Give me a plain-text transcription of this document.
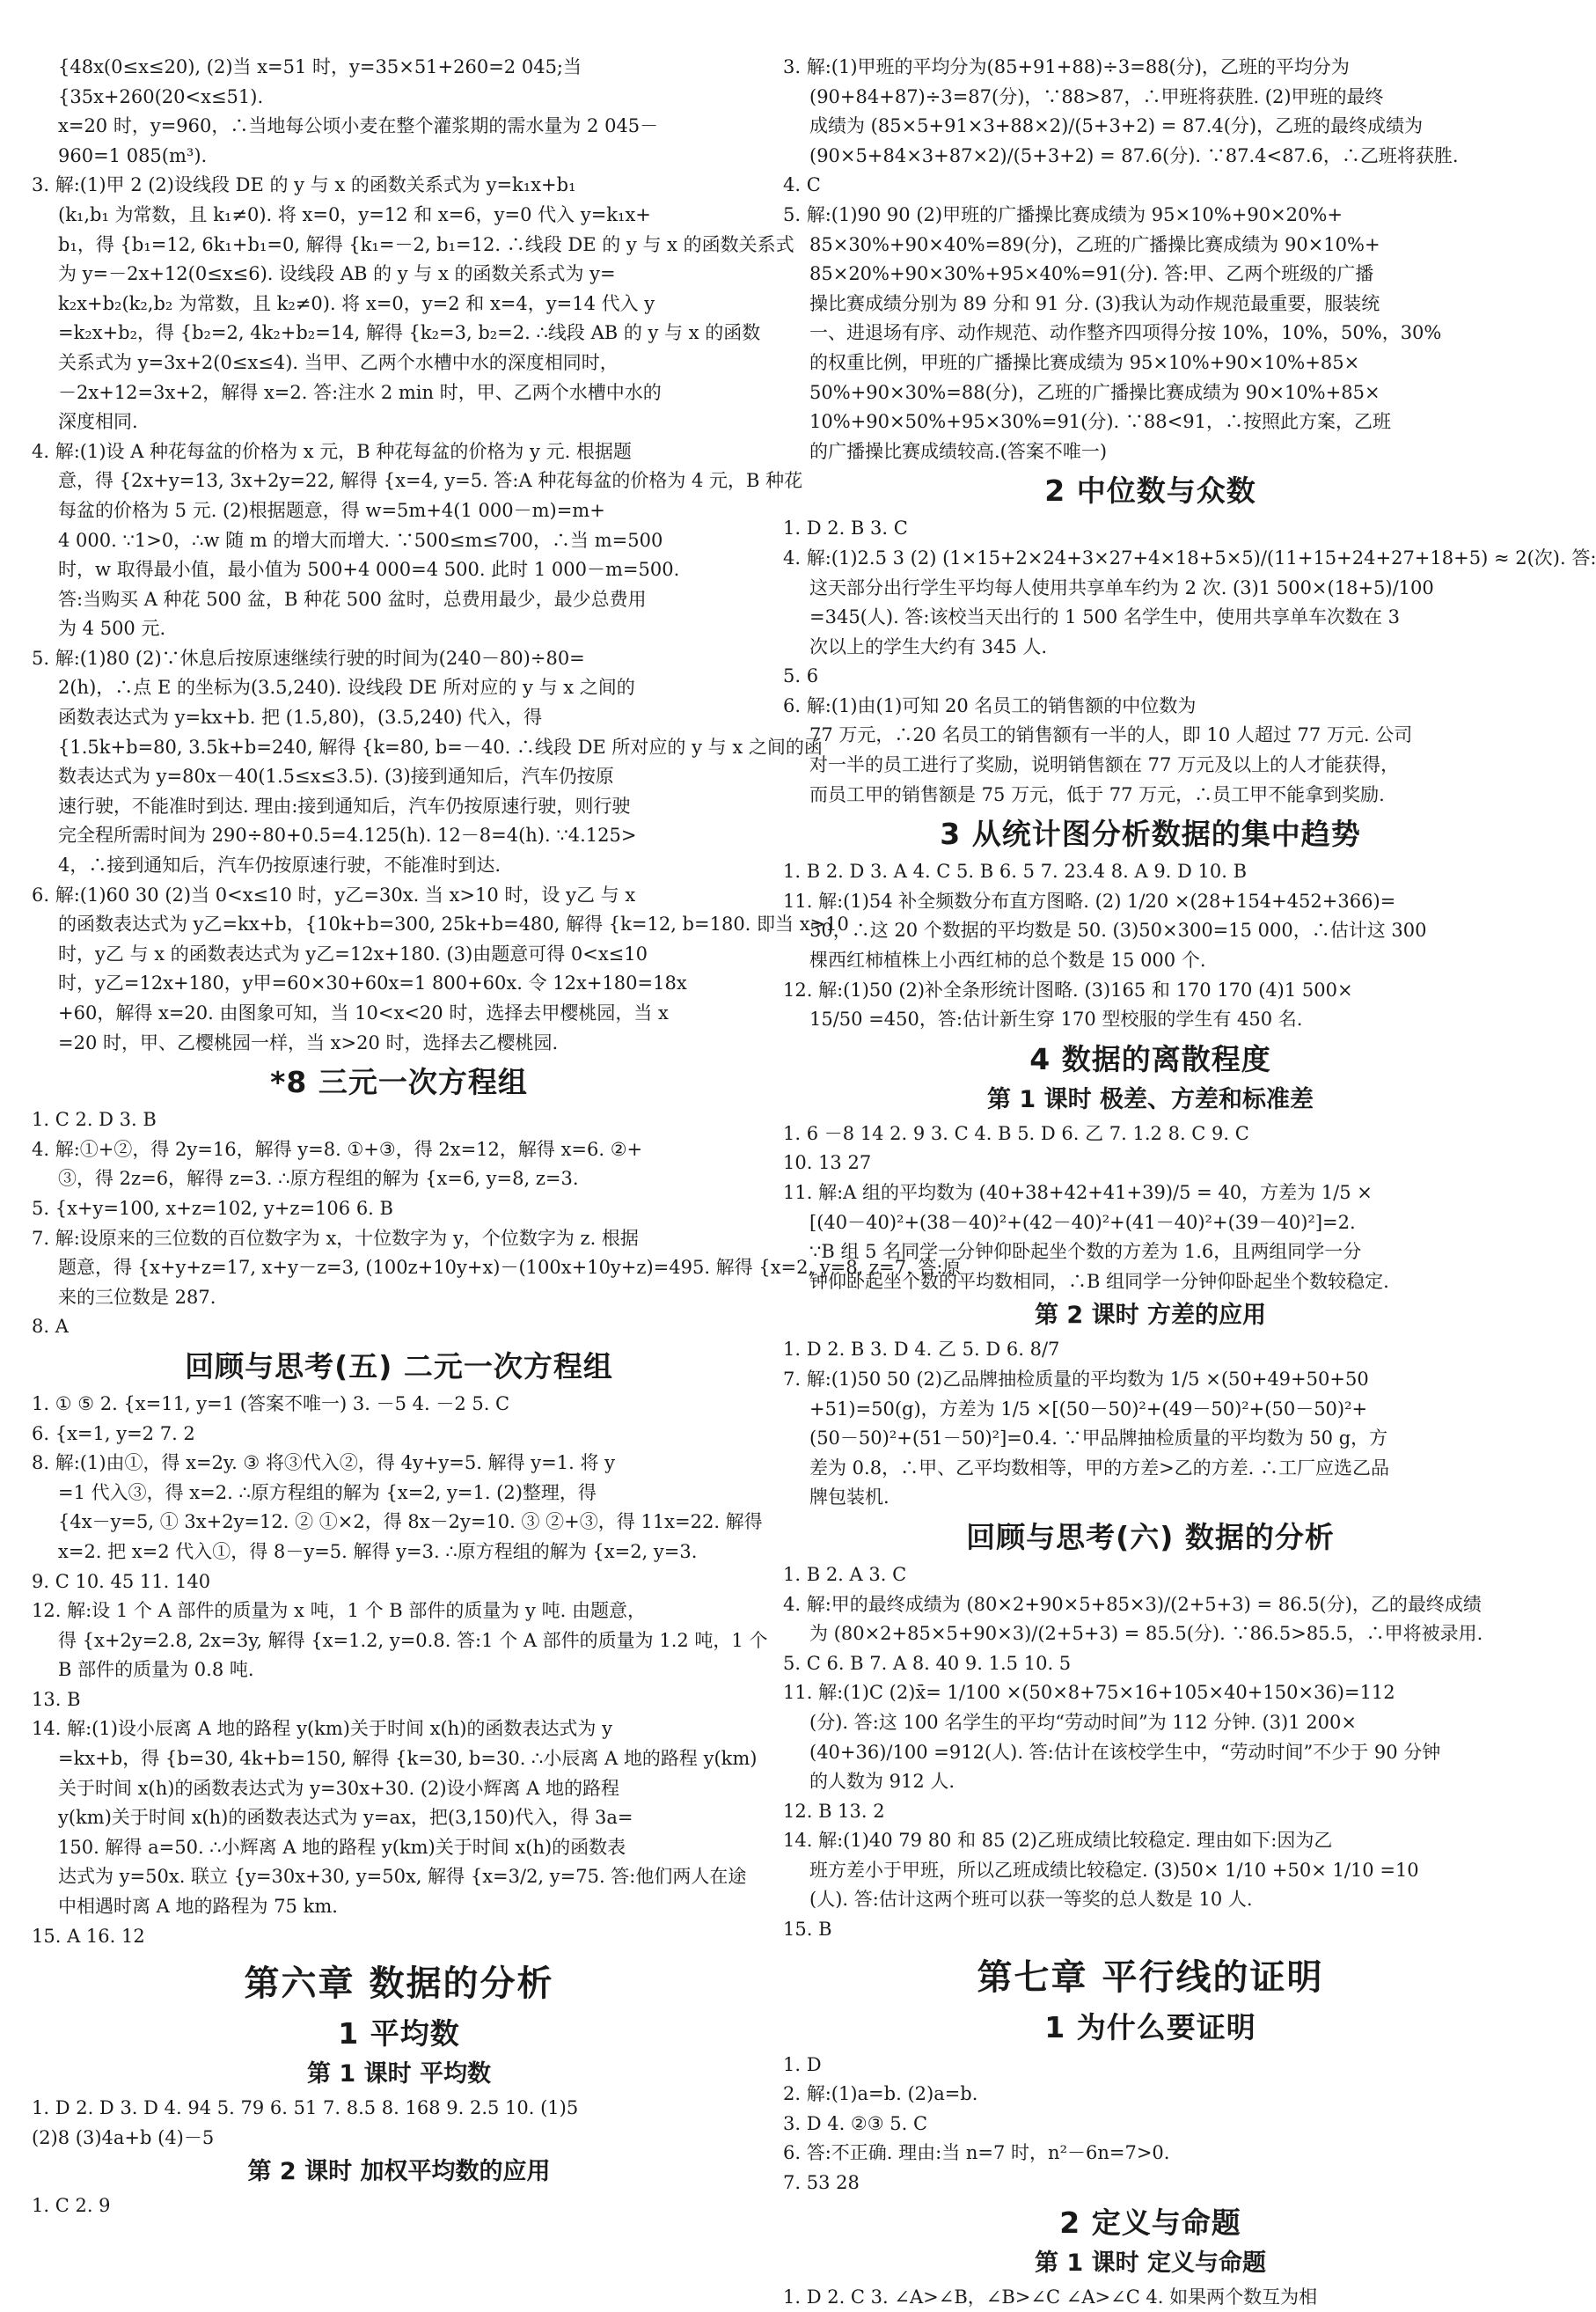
{48x(0≤x≤20), (2)当 x=51 时，y=35×51+260=2 045;当
{35x+260(20<x≤51).
x=20 时，y=960，∴当地每公顷小麦在整个灌浆期的需水量为 2 045－
960=1 085(m³).
3. 解:(1)甲 2 (2)设线段 DE 的 y 与 x 的函数关系式为 y=k₁x+b₁
(k₁,b₁ 为常数，且 k₁≠0). 将 x=0，y=12 和 x=6，y=0 代入 y=k₁x+
b₁，得 {b₁=12, 6k₁+b₁=0, 解得 {k₁=－2, b₁=12. ∴线段 DE 的 y 与 x 的函数关系式
为 y=－2x+12(0≤x≤6). 设线段 AB 的 y 与 x 的函数关系式为 y=
k₂x+b₂(k₂,b₂ 为常数，且 k₂≠0). 将 x=0，y=2 和 x=4，y=14 代入 y
=k₂x+b₂，得 {b₂=2, 4k₂+b₂=14, 解得 {k₂=3, b₂=2. ∴线段 AB 的 y 与 x 的函数
关系式为 y=3x+2(0≤x≤4). 当甲、乙两个水槽中水的深度相同时，
－2x+12=3x+2，解得 x=2. 答:注水 2 min 时，甲、乙两个水槽中水的
深度相同.
4. 解:(1)设 A 种花每盆的价格为 x 元，B 种花每盆的价格为 y 元. 根据题
意，得 {2x+y=13, 3x+2y=22, 解得 {x=4, y=5. 答:A 种花每盆的价格为 4 元，B 种花
每盆的价格为 5 元. (2)根据题意，得 w=5m+4(1 000－m)=m+
4 000. ∵1>0，∴w 随 m 的增大而增大. ∵500≤m≤700，∴当 m=500
时，w 取得最小值，最小值为 500+4 000=4 500. 此时 1 000－m=500.
答:当购买 A 种花 500 盆，B 种花 500 盆时，总费用最少，最少总费用
为 4 500 元.
5. 解:(1)80 (2)∵休息后按原速继续行驶的时间为(240－80)÷80=
2(h)，∴点 E 的坐标为(3.5,240). 设线段 DE 所对应的 y 与 x 之间的
函数表达式为 y=kx+b. 把 (1.5,80)，(3.5,240) 代入，得
{1.5k+b=80, 3.5k+b=240, 解得 {k=80, b=－40. ∴线段 DE 所对应的 y 与 x 之间的函
数表达式为 y=80x－40(1.5≤x≤3.5). (3)接到通知后，汽车仍按原
速行驶，不能准时到达. 理由:接到通知后，汽车仍按原速行驶，则行驶
完全程所需时间为 290÷80+0.5=4.125(h). 12－8=4(h). ∵4.125>
4，∴接到通知后，汽车仍按原速行驶，不能准时到达.
6. 解:(1)60 30 (2)当 0<x≤10 时，y乙=30x. 当 x>10 时，设 y乙 与 x
的函数表达式为 y乙=kx+b，{10k+b=300, 25k+b=480, 解得 {k=12, b=180. 即当 x>10
时，y乙 与 x 的函数表达式为 y乙=12x+180. (3)由题意可得 0<x≤10
时，y乙=12x+180，y甲=60×30+60x=1 800+60x. 令 12x+180=18x
+60，解得 x=20. 由图象可知，当 10<x<20 时，选择去甲樱桃园，当 x
=20 时，甲、乙樱桃园一样，当 x>20 时，选择去乙樱桃园.
*8 三元一次方程组
1. C 2. D 3. B
4. 解:①+②，得 2y=16，解得 y=8. ①+③，得 2x=12，解得 x=6. ②+
③，得 2z=6，解得 z=3. ∴原方程组的解为 {x=6, y=8, z=3.
5. {x+y=100, x+z=102, y+z=106 6. B
7. 解:设原来的三位数的百位数字为 x，十位数字为 y，个位数字为 z. 根据
题意，得 {x+y+z=17, x+y－z=3, (100z+10y+x)－(100x+10y+z)=495. 解得 {x=2, y=8, z=7. 答:原
来的三位数是 287.
8. A
回顾与思考(五) 二元一次方程组
1. ① ⑤ 2. {x=11, y=1 (答案不唯一) 3. －5 4. －2 5. C
6. {x=1, y=2 7. 2
8. 解:(1)由①，得 x=2y. ③ 将③代入②，得 4y+y=5. 解得 y=1. 将 y
=1 代入③，得 x=2. ∴原方程组的解为 {x=2, y=1. (2)整理，得
{4x－y=5, ① 3x+2y=12. ② ①×2，得 8x－2y=10. ③ ②+③，得 11x=22. 解得
x=2. 把 x=2 代入①，得 8－y=5. 解得 y=3. ∴原方程组的解为 {x=2, y=3.
9. C 10. 45 11. 140
12. 解:设 1 个 A 部件的质量为 x 吨，1 个 B 部件的质量为 y 吨. 由题意，
得 {x+2y=2.8, 2x=3y, 解得 {x=1.2, y=0.8. 答:1 个 A 部件的质量为 1.2 吨，1 个
B 部件的质量为 0.8 吨.
13. B
14. 解:(1)设小辰离 A 地的路程 y(km)关于时间 x(h)的函数表达式为 y
=kx+b，得 {b=30, 4k+b=150, 解得 {k=30, b=30. ∴小辰离 A 地的路程 y(km)
关于时间 x(h)的函数表达式为 y=30x+30. (2)设小辉离 A 地的路程
y(km)关于时间 x(h)的函数表达式为 y=ax，把(3,150)代入，得 3a=
150. 解得 a=50. ∴小辉离 A 地的路程 y(km)关于时间 x(h)的函数表
达式为 y=50x. 联立 {y=30x+30, y=50x, 解得 {x=3/2, y=75. 答:他们两人在途
中相遇时离 A 地的路程为 75 km.
15. A 16. 12
第六章 数据的分析
1 平均数
第 1 课时 平均数
1. D 2. D 3. D 4. 94 5. 79 6. 51 7. 8.5 8. 168 9. 2.5 10. (1)5
(2)8 (3)4a+b (4)－5
第 2 课时 加权平均数的应用
1. C 2. 9
3. 解:(1)甲班的平均分为(85+91+88)÷3=88(分)，乙班的平均分为
(90+84+87)÷3=87(分)，∵88>87，∴甲班将获胜. (2)甲班的最终
成绩为 (85×5+91×3+88×2)/(5+3+2) = 87.4(分)，乙班的最终成绩为
(90×5+84×3+87×2)/(5+3+2) = 87.6(分). ∵87.4<87.6，∴乙班将获胜.
4. C
5. 解:(1)90 90 (2)甲班的广播操比赛成绩为 95×10%+90×20%+
85×30%+90×40%=89(分)，乙班的广播操比赛成绩为 90×10%+
85×20%+90×30%+95×40%=91(分). 答:甲、乙两个班级的广播
操比赛成绩分别为 89 分和 91 分. (3)我认为动作规范最重要，服装统
一、进退场有序、动作规范、动作整齐四项得分按 10%，10%，50%，30%
的权重比例，甲班的广播操比赛成绩为 95×10%+90×10%+85×
50%+90×30%=88(分)，乙班的广播操比赛成绩为 90×10%+85×
10%+90×50%+95×30%=91(分). ∵88<91，∴按照此方案，乙班
的广播操比赛成绩较高.(答案不唯一)
2 中位数与众数
1. D 2. B 3. C
4. 解:(1)2.5 3 (2) (1×15+2×24+3×27+4×18+5×5)/(11+15+24+27+18+5) ≈ 2(次). 答:
这天部分出行学生平均每人使用共享单车约为 2 次. (3)1 500×(18+5)/100
=345(人). 答:该校当天出行的 1 500 名学生中，使用共享单车次数在 3
次以上的学生大约有 345 人.
5. 6
6. 解:(1)由(1)可知 20 名员工的销售额的中位数为
77 万元，∴20 名员工的销售额有一半的人，即 10 人超过 77 万元. 公司
对一半的员工进行了奖励，说明销售额在 77 万元及以上的人才能获得，
而员工甲的销售额是 75 万元，低于 77 万元，∴员工甲不能拿到奖励.
3 从统计图分析数据的集中趋势
1. B 2. D 3. A 4. C 5. B 6. 5 7. 23.4 8. A 9. D 10. B
11. 解:(1)54 补全频数分布直方图略. (2) 1/20 ×(28+154+452+366)=
50，∴这 20 个数据的平均数是 50. (3)50×300=15 000，∴估计这 300
棵西红柿植株上小西红柿的总个数是 15 000 个.
12. 解:(1)50 (2)补全条形统计图略. (3)165 和 170 170 (4)1 500×
15/50 =450，答:估计新生穿 170 型校服的学生有 450 名.
4 数据的离散程度
第 1 课时 极差、方差和标准差
1. 6 －8 14 2. 9 3. C 4. B 5. D 6. 乙 7. 1.2 8. C 9. C
10. 13 27
11. 解:A 组的平均数为 (40+38+42+41+39)/5 = 40，方差为 1/5 ×
[(40－40)²+(38－40)²+(42－40)²+(41－40)²+(39－40)²]=2.
∵B 组 5 名同学一分钟仰卧起坐个数的方差为 1.6，且两组同学一分
钟仰卧起坐个数的平均数相同，∴B 组同学一分钟仰卧起坐个数较稳定.
第 2 课时 方差的应用
1. D 2. B 3. D 4. 乙 5. D 6. 8/7
7. 解:(1)50 50 (2)乙品牌抽检质量的平均数为 1/5 ×(50+49+50+50
+51)=50(g)，方差为 1/5 ×[(50－50)²+(49－50)²+(50－50)²+
(50－50)²+(51－50)²]=0.4. ∵甲品牌抽检质量的平均数为 50 g，方
差为 0.8，∴甲、乙平均数相等，甲的方差>乙的方差. ∴工厂应选乙品
牌包装机.
回顾与思考(六) 数据的分析
1. B 2. A 3. C
4. 解:甲的最终成绩为 (80×2+90×5+85×3)/(2+5+3) = 86.5(分)，乙的最终成绩
为 (80×2+85×5+90×3)/(2+5+3) = 85.5(分). ∵86.5>85.5，∴甲将被录用.
5. C 6. B 7. A 8. 40 9. 1.5 10. 5
11. 解:(1)C (2)x̄= 1/100 ×(50×8+75×16+105×40+150×36)=112
(分). 答:这 100 名学生的平均“劳动时间”为 112 分钟. (3)1 200×
(40+36)/100 =912(人). 答:估计在该校学生中，“劳动时间”不少于 90 分钟
的人数为 912 人.
12. B 13. 2
14. 解:(1)40 79 80 和 85 (2)乙班成绩比较稳定. 理由如下:因为乙
班方差小于甲班，所以乙班成绩比较稳定. (3)50× 1/10 +50× 1/10 =10
(人). 答:估计这两个班可以获一等奖的总人数是 10 人.
15. B
第七章 平行线的证明
1 为什么要证明
1. D
2. 解:(1)a=b. (2)a=b.
3. D 4. ②③ 5. C
6. 答:不正确. 理由:当 n=7 时，n²－6n=7>0.
7. 53 28
2 定义与命题
第 1 课时 定义与命题
1. D 2. C 3. ∠A>∠B，∠B>∠C ∠A>∠C 4. 如果两个数互为相
